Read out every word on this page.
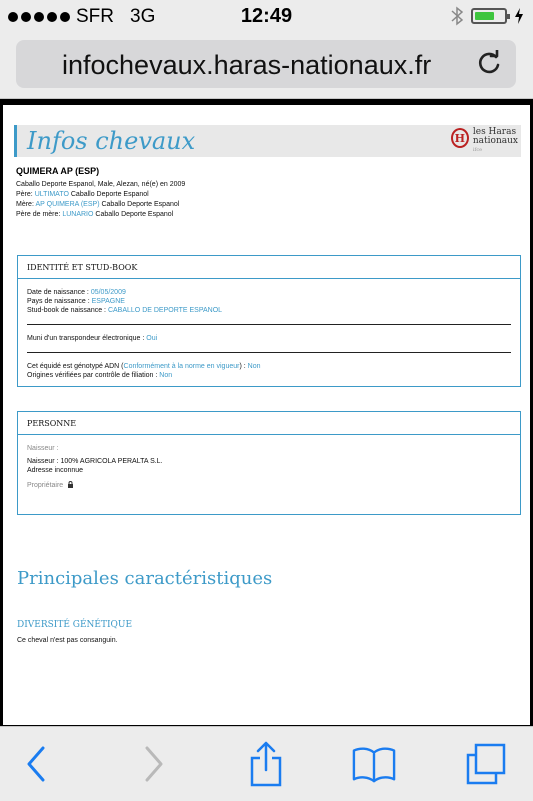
SFR 3G	12:49
infochevaux.haras-nationaux.fr
Infos chevaux	H les Haras
nationaux
ifce
QUIMERA AP (ESP)
Caballo Deporte Espanol, Male, Alezan, né(e) en 2009
Père: ULTIMATO Caballo Deporte Espanol
Mère: AP QUIMERA (ESP) Caballo Deporte Espanol
Père de mère: LUNARIO Caballo Deporte Espanol
IDENTITÉ ET STUD-BOOK
Date de naissance : 05/05/2009
Pays de naissance : ESPAGNE
Stud-book de naissance : CABALLO DE DEPORTE ESPANOL
Muni d'un transpondeur électronique : Oui
Cet équidé est génotypé ADN (Conformément à la norme en vigueur) : Non
Origines vérifiées par contrôle de filiation : Non
PERSONNE
Naisseur :
Naisseur : 100% AGRICOLA PERALTA S.L.
Adresse inconnue
Propriétaire
Principales caractéristiques
DIVERSITÉ GÉNÉTIQUE
Ce cheval n'est pas consanguin.
